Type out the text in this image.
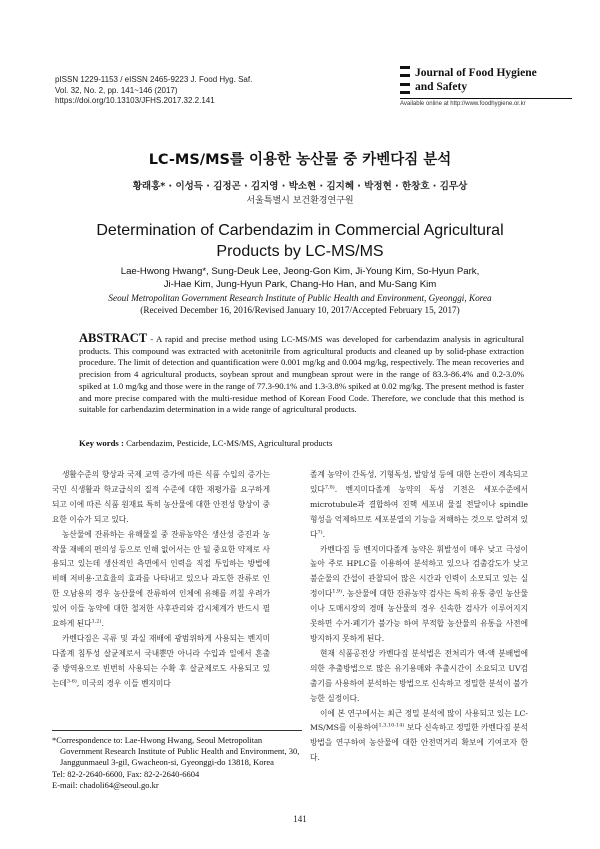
pISSN 1229-1153 / eISSN 2465-9223 J. Food Hyg. Saf.
Vol. 32, No. 2, pp. 141~146 (2017)
https://doi.org/10.13103/JFHS.2017.32.2.141
Journal of Food Hygiene
and Safety
Available online at http://www.foodhygiene.or.kr
LC-MS/MS를 이용한 농산물 중 카벤다짐 분석
황래홍* · 이성득 · 김정곤 · 김지영 · 박소현 · 김지혜 · 박정현 · 한창호 · 김무상
서울특별시 보건환경연구원
Determination of Carbendazim in Commercial Agricultural
Products by LC-MS/MS
Lae-Hwong Hwang*, Sung-Deuk Lee, Jeong-Gon Kim, Ji-Young Kim, So-Hyun Park,
Ji-Hae Kim, Jung-Hyun Park, Chang-Ho Han, and Mu-Sang Kim
Seoul Metropolitan Government Research Institute of Public Health and Environment, Gyeonggi, Korea
(Received December 16, 2016/Revised January 10, 2017/Accepted February 15, 2017)
ABSTRACT - A rapid and precise method using LC-MS/MS was developed for carbendazim analysis in agricultural products. This compound was extracted with acetonitrile from agricultural products and cleaned up by solid-phase extraction procedure. The limit of detection and quantification were 0.001 mg/kg and 0.004 mg/kg, respectively. The mean recoveries and precision from 4 agricultural products, soybean sprout and mungbean sprout were in the range of 83.3-86.4% and 0.2-3.0% spiked at 1.0 mg/kg and those were in the range of 77.3-90.1% and 1.3-3.8% spiked at 0.02 mg/kg. The present method is faster and more precise compared with the multi-residue method of Korean Food Code. Therefore, we conclude that this method is suitable for carbendazim determination in a wide range of agricultural products.
Key words : Carbendazim, Pesticide, LC-MS/MS, Agricultural products

생활수준의 향상과 국제 교역 증가에 따른 식품 수입의 증가는 국민 식생활과 학교급식의 질적 수준에 대한 재평가를 요구하게 되고 이에 따른 식품 원재료 특히 농산물에 대한 안전성 향상이 중요한 이슈가 되고 있다.

농산물에 잔류하는 유해물질 중 잔류농약은 생산성 증진과 농작물 재배의 편의성 등으로 인해 없어서는 안 될 중요한 약제로 사용되고 있는데 생산적인 측면에서 인력을 직접 투입하는 방법에 비해 저비용·고효율의 효과를 나타내고 있으나 과도한 잔류로 인한 오남용의 경우 농산물에 잔류하여 인체에 유해를 끼칠 우려가 있어 이들 농약에 대한 철저한 사후관리와 감시체계가 반드시 필요하게 된다$^{1,2)}$.

카벤다짐은 곡류 및 과실 재배에 광범위하게 사용되는 벤지미다졸계 침투성 살균제로서 국내뿐만 아니라 수입과 일에서 흔출 중 방역용으로 빈번히 사용되는 수확 후 살균제로도 사용되고 있는데$^{3-6)}$, 미국의 경우 이들 벤지미다

졸계 농약이 간독성, 기형독성, 발암성 등에 대한 논란이 계속되고 있다$^{7,8)}$. 벤지미다졸계 농약의 독성 기전은 세포수준에서 microtubule과 결합하여 진핵 세포내 물질 전달이나 spindle 형성을 억제하므로 세포분열의 기능을 저해하는 것으로 알려져 있다$^{7)}$.

카벤다짐 등 벤지미다졸계 농약은 휘발성이 매우 낮고 극성이 높아 주로 HPLC를 이용하여 분석하고 있으나 검출감도가 낮고 불순물의 간섭이 관찰되어 많은 시간과 인력이 소모되고 있는 실정이다$^{1,9)}$. 농산물에 대한 잔류농약 검사는 특히 유통 중인 농산물이나 도매시장의 경매 농산물의 경우 신속한 검사가 이루어지지 못하면 수거·폐기가 불가능 하여 부적합 농산물의 유통을 사전에 방지하지 못하게 된다.

현재 식품공전상 카벤다짐 분석법은 전처리가 액-액 분배법에 의한 추출방법으로 많은 유기용매와 추출시간이 소요되고 UV검출기를 사용하여 분석하는 방법으로 신속하고 정밀한 분석이 불가능한 실정이다.

이에 본 연구에서는 최근 정밀 분석에 많이 사용되고 있는 LC-MS/MS를 이용하여$^{1,3,10-14)}$ 보다 신속하고 정밀한 카벤다짐 분석방법을 연구하여 농산물에 대한 안전먹거리 확보에 기여코자 한다.

*Correspondence to: Lae-Hwong Hwang, Seoul Metropolitan
Government Research Institute of Public Health and Environment, 30, Janggunmaeul 3-gil, Gwacheon-si, Gyeonggi-do 13818, Korea
Tel: 82-2-2640-6600, Fax: 82-2-2640-6604
E-mail: chadoli64@seoul.go.kr
141
